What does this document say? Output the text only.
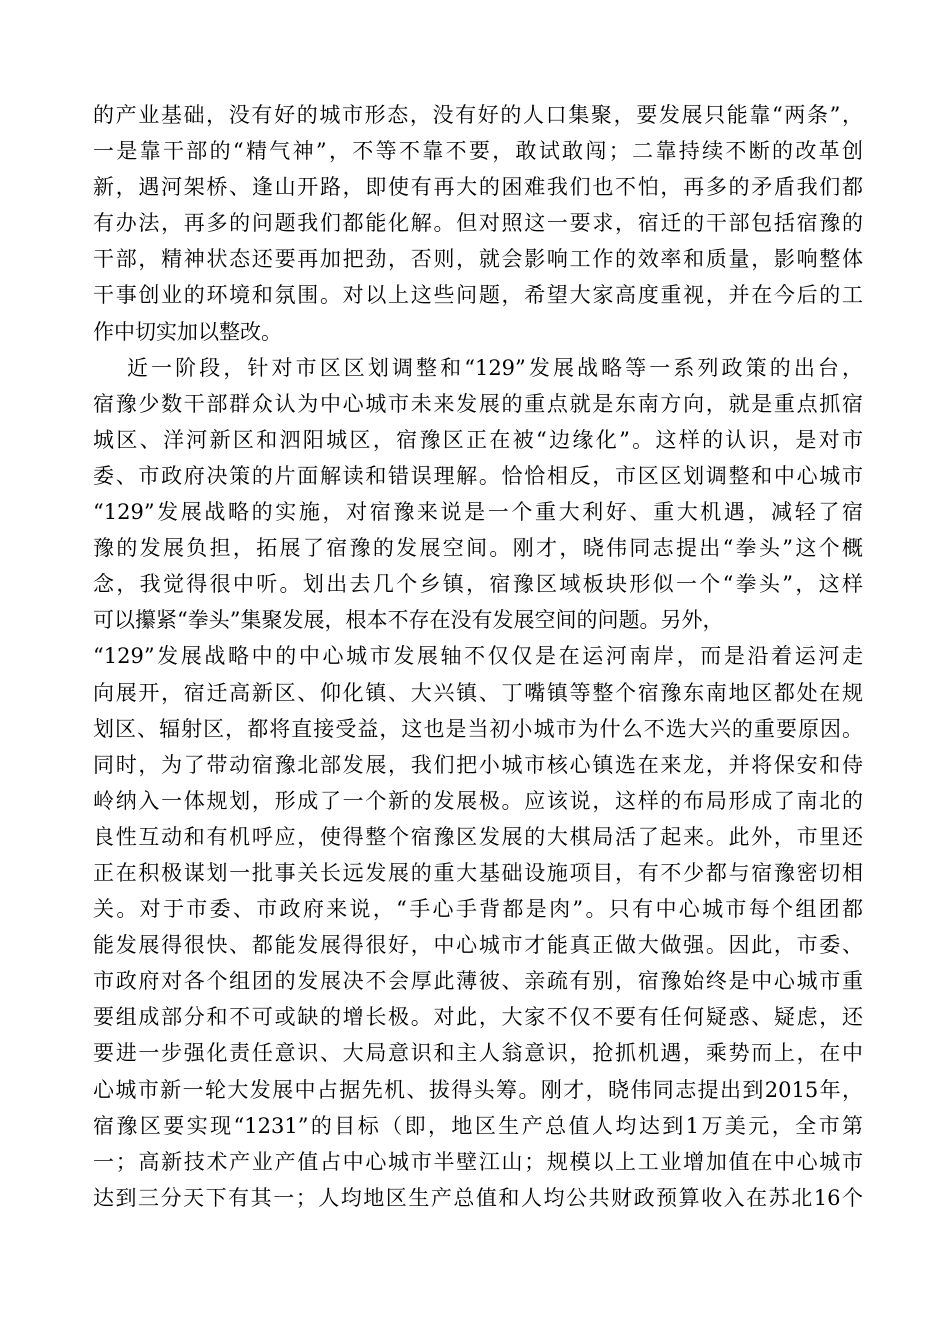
的产业基础，没有好的城市形态，没有好的人口集聚，要发展只能靠“两条”，
一是靠干部的“精气神”，不等不靠不要，敢试敢闯；二靠持续不断的改革创
新，遇河架桥、逢山开路，即使有再大的困难我们也不怕，再多的矛盾我们都
有办法，再多的问题我们都能化解。但对照这一要求，宿迁的干部包括宿豫的
干部，精神状态还要再加把劲，否则，就会影响工作的效率和质量，影响整体
干事创业的环境和氛围。对以上这些问题，希望大家高度重视，并在今后的工
作中切实加以整改。
近一阶段，针对市区区划调整和“129”发展战略等一系列政策的出台，
宿豫少数干部群众认为中心城市未来发展的重点就是东南方向，就是重点抓宿
城区、洋河新区和泗阳城区，宿豫区正在被“边缘化”。这样的认识，是对市
委、市政府决策的片面解读和错误理解。恰恰相反，市区区划调整和中心城市
“129”发展战略的实施，对宿豫来说是一个重大利好、重大机遇，减轻了宿
豫的发展负担，拓展了宿豫的发展空间。刚才，晓伟同志提出“拳头”这个概
念，我觉得很中听。划出去几个乡镇，宿豫区域板块形似一个“拳头”，这样
可以攥紧“拳头”集聚发展，根本不存在没有发展空间的问题。另外，
“129”发展战略中的中心城市发展轴不仅仅是在运河南岸，而是沿着运河走
向展开，宿迁高新区、仰化镇、大兴镇、丁嘴镇等整个宿豫东南地区都处在规
划区、辐射区，都将直接受益，这也是当初小城市为什么不选大兴的重要原因。
同时，为了带动宿豫北部发展，我们把小城市核心镇选在来龙，并将保安和侍
岭纳入一体规划，形成了一个新的发展极。应该说，这样的布局形成了南北的
良性互动和有机呼应，使得整个宿豫区发展的大棋局活了起来。此外，市里还
正在积极谋划一批事关长远发展的重大基础设施项目，有不少都与宿豫密切相
关。对于市委、市政府来说，“手心手背都是肉”。只有中心城市每个组团都
能发展得很快、都能发展得很好，中心城市才能真正做大做强。因此，市委、
市政府对各个组团的发展决不会厚此薄彼、亲疏有别，宿豫始终是中心城市重
要组成部分和不可或缺的增长极。对此，大家不仅不要有任何疑惑、疑虑，还
要进一步强化责任意识、大局意识和主人翁意识，抢抓机遇，乘势而上，在中
心城市新一轮大发展中占据先机、拔得头筹。刚才，晓伟同志提出到2015年，
宿豫区要实现“1231”的目标（即，地区生产总值人均达到1万美元，全市第
一；高新技术产业产值占中心城市半壁江山；规模以上工业增加值在中心城市
达到三分天下有其一；人均地区生产总值和人均公共财政预算收入在苏北16个
